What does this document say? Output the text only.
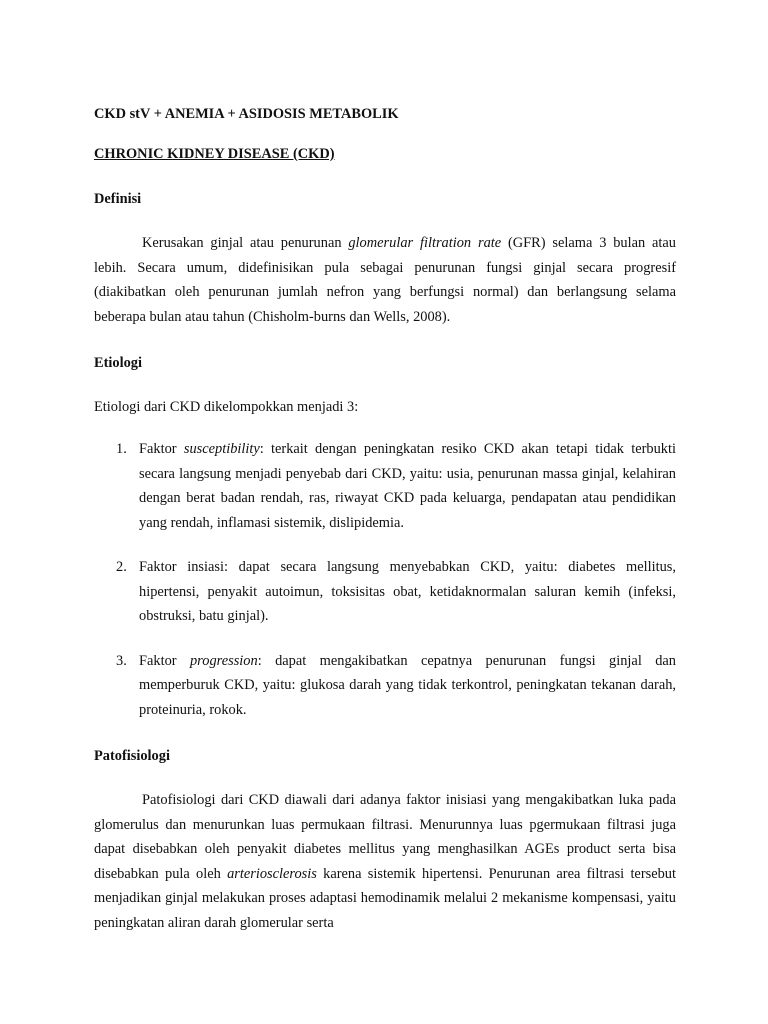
CKD stV + ANEMIA + ASIDOSIS METABOLIK

CHRONIC KIDNEY DISEASE (CKD)

Definisi

Kerusakan ginjal atau penurunan glomerular filtration rate (GFR) selama 3 bulan atau lebih. Secara umum, didefinisikan pula sebagai penurunan fungsi ginjal secara progresif (diakibatkan oleh penurunan jumlah nefron yang berfungsi normal) dan berlangsung selama beberapa bulan atau tahun (Chisholm-burns dan Wells, 2008).

Etiologi

Etiologi dari CKD dikelompokkan menjadi 3:

1. Faktor susceptibility: terkait dengan peningkatan resiko CKD akan tetapi tidak terbukti secara langsung menjadi penyebab dari CKD, yaitu: usia, penurunan massa ginjal, kelahiran dengan berat badan rendah, ras, riwayat CKD pada keluarga, pendapatan atau pendidikan yang rendah, inflamasi sistemik, dislipidemia.
2. Faktor insiasi: dapat secara langsung menyebabkan CKD, yaitu: diabetes mellitus, hipertensi, penyakit autoimun, toksisitas obat, ketidaknormalan saluran kemih (infeksi, obstruksi, batu ginjal).
3. Faktor progression: dapat mengakibatkan cepatnya penurunan fungsi ginjal dan memperburuk CKD, yaitu: glukosa darah yang tidak terkontrol, peningkatan tekanan darah, proteinuria, rokok.

Patofisiologi

Patofisiologi dari CKD diawali dari adanya faktor inisiasi yang mengakibatkan luka pada glomerulus dan menurunkan luas permukaan filtrasi. Menurunnya luas pgermukaan filtrasi juga dapat disebabkan oleh penyakit diabetes mellitus yang menghasilkan AGEs product serta bisa disebabkan pula oleh arteriosclerosis karena sistemik hipertensi. Penurunan area filtrasi tersebut menjadikan ginjal melakukan proses adaptasi hemodinamik melalui 2 mekanisme kompensasi, yaitu peningkatan aliran darah glomerular serta
